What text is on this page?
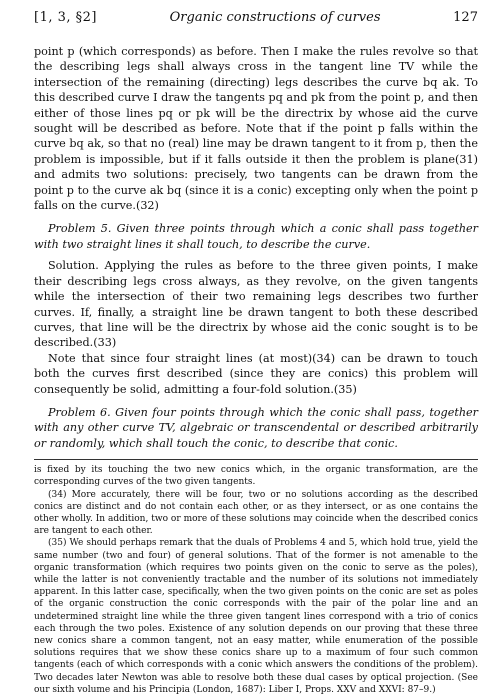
[1, 3, §2]	Organic constructions of curves	127

point p (which corresponds) as before. Then I make the rules revolve so that the describing legs shall always cross in the tangent line TV while the intersection of the remaining (directing) legs describes the curve bq ak. To this described curve I draw the tangents pq and pk from the point p, and then either of those lines pq or pk will be the directrix by whose aid the curve sought will be described as before. Note that if the point p falls within the curve bq ak, so that no (real) line may be drawn tangent to it from p, then the problem is impossible, but if it falls outside it then the problem is plane(31) and admits two solutions: precisely, two tangents can be drawn from the point p to the curve ak bq (since it is a conic) excepting only when the point p falls on the curve.(32)

Problem 5. Given three points through which a conic shall pass together with two straight lines it shall touch, to describe the curve.

Solution. Applying the rules as before to the three given points, I make their describing legs cross always, as they revolve, on the given tangents while the intersection of their two remaining legs describes two further curves. If, finally, a straight line be drawn tangent to both these described curves, that line will be the directrix by whose aid the conic sought is to be described.(33)

Note that since four straight lines (at most)(34) can be drawn to touch both the curves first described (since they are conics) this problem will consequently be solid, admitting a four-fold solution.(35)

Problem 6. Given four points through which the conic shall pass, together with any other curve TV, algebraic or transcendental or described arbitrarily or randomly, which shall touch the conic, to describe that conic.

is fixed by its touching the two new conics which, in the organic transformation, are the corresponding curves of the two given tangents.

(34) More accurately, there will be four, two or no solutions according as the described conics are distinct and do not contain each other, or as they intersect, or as one contains the other wholly. In addition, two or more of these solutions may coincide when the described conics are tangent to each other.

(35) We should perhaps remark that the duals of Problems 4 and 5, which hold true, yield the same number (two and four) of general solutions. That of the former is not amenable to the organic transformation (which requires two points given on the conic to serve as the poles), while the latter is not conveniently tractable and the number of its solutions not immediately apparent. In this latter case, specifically, when the two given points on the conic are set as poles of the organic construction the conic corresponds with the pair of the polar line and an undetermined straight line while the three given tangent lines correspond with a trio of conics each through the two poles. Existence of any solution depends on our proving that these three new conics share a common tangent, not an easy matter, while enumeration of the possible solutions requires that we show these conics share up to a maximum of four such common tangents (each of which corresponds with a conic which answers the conditions of the problem). Two decades later Newton was able to resolve both these dual cases by optical projection. (See our sixth volume and his Principia (London, 1687): Liber I, Props. XXV and XXVI: 87–9.)
